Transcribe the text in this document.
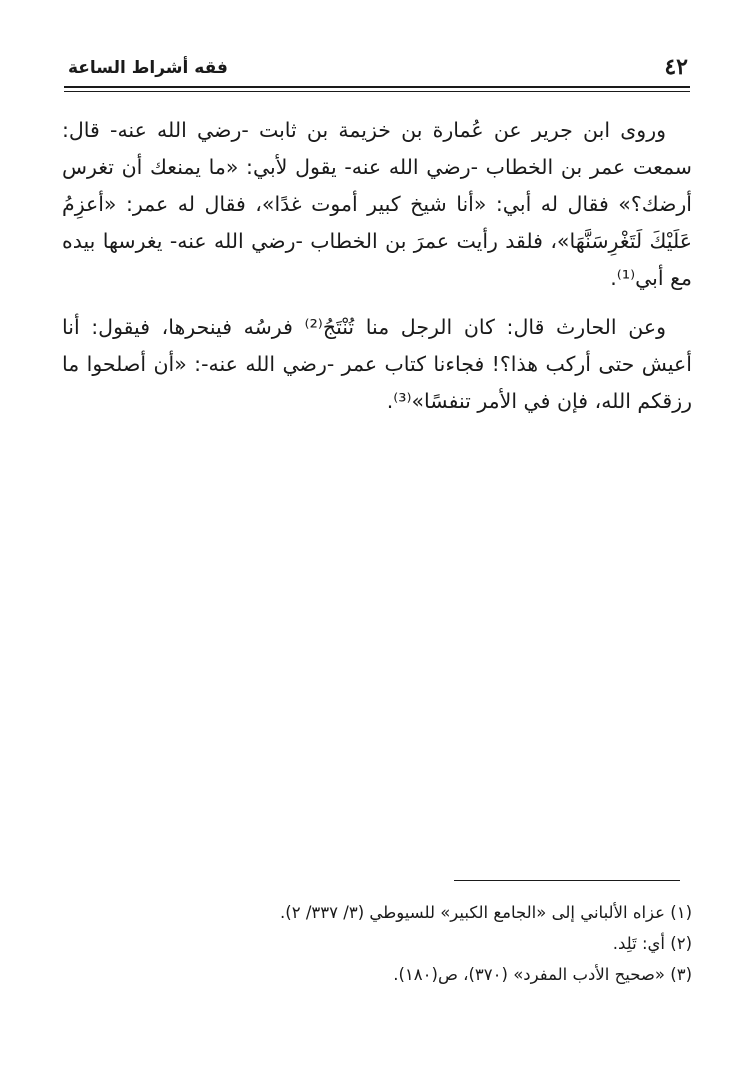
٤٢
فقه أشراط الساعة

وروى ابن جرير عن عُمارة بن خزيمة بن ثابت -رضي الله عنه- قال: سمعت عمر بن الخطاب -رضي الله عنه- يقول لأبي: «ما يمنعك أن تغرس أرضك؟» فقال له أبي: «أنا شيخ كبير أموت غدًا»، فقال له عمر: «أعزِمُ عَلَيْكَ لَتَغْرِسَنَّهَا»، فلقد رأيت عمرَ بن الخطاب -رضي الله عنه- يغرسها بيده مع أبي⁽¹⁾.

وعن الحارث قال: كان الرجل منا تُنْتَجُ⁽²⁾ فرسُه فينحرها، فيقول: أنا أعيش حتى أركب هذا؟! فجاءنا كتاب عمر -رضي الله عنه-: «أن أصلحوا ما رزقكم الله، فإن في الأمر تنفسًا»⁽³⁾.

(١) عزاه الألباني إلى «الجامع الكبير» للسيوطي (٣/ ٣٣٧/ ٢).
(٢) أي: تَلِد.
(٣) «صحيح الأدب المفرد» (٣٧٠)، ص(١٨٠).
